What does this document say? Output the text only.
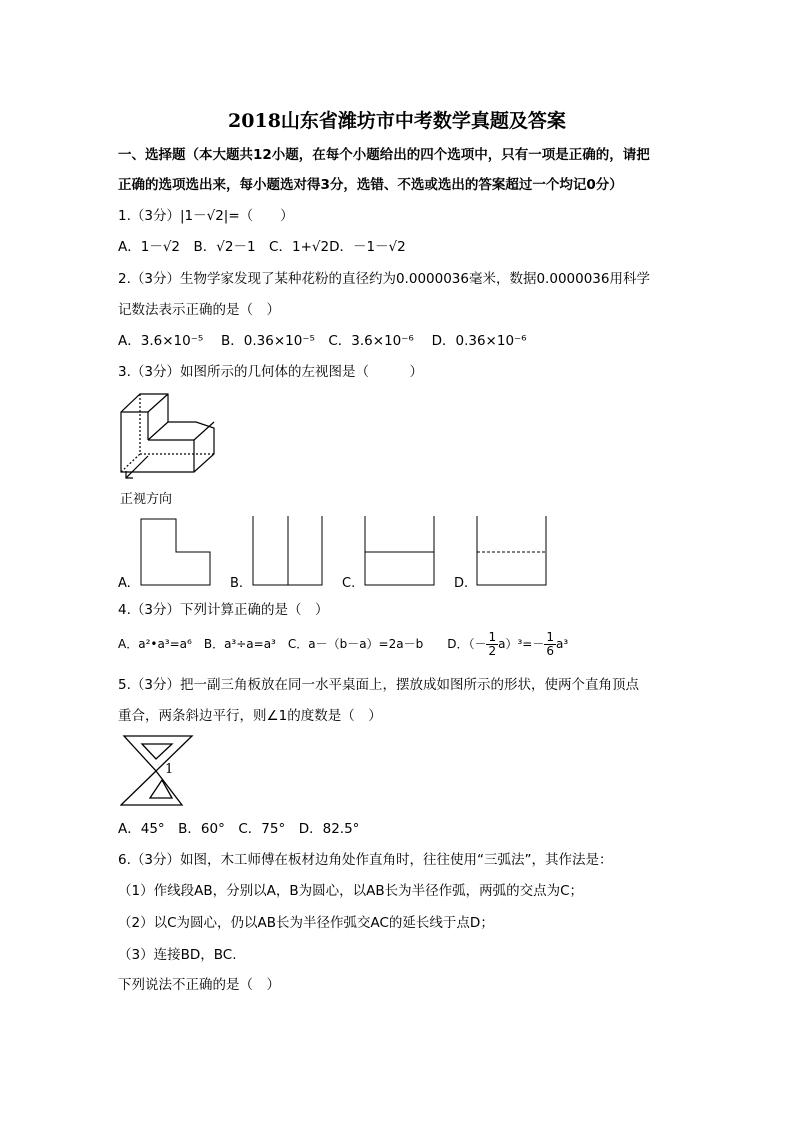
2018山东省潍坊市中考数学真题及答案
一、选择题（本大题共12小题，在每个小题给出的四个选项中，只有一项是正确的，请把
正确的选项选出来，每小题选对得3分，选错、不选或选出的答案超过一个均记0分）
1.（3分）|1－√2|=（　　）
A．1－√2　B．√2－1　C．1+√2D．－1－√2
2.（3分）生物学家发现了某种花粉的直径约为0.0000036毫米，数据0.0000036用科学
记数法表示正确的是（　）
A．3.6×10⁻⁵　 B．0.36×10⁻⁵　C．3.6×10⁻⁶　 D．0.36×10⁻⁶
3.（3分）如图所示的几何体的左视图是（　　　）
正视方向
A.	B.	C.	D.
4.（3分）下列计算正确的是（　）
A．a²•a³=a⁶　B．a³÷a=a³　C．a－（b－a）=2a－b　　D．（－ $\frac{1}{2} a)^3=- \frac{1}{6} a^3$
5.（3分）把一副三角板放在同一水平桌面上，摆放成如图所示的形状，使两个直角顶点
重合，两条斜边平行，则∠1的度数是（　）
1
A．45°　B．60°　C．75°　D．82.5°
6.（3分）如图，木工师傅在板材边角处作直角时，往往使用“三弧法”，其作法是：
（1）作线段AB，分别以A，B为圆心，以AB长为半径作弧，两弧的交点为C；
（2）以C为圆心，仍以AB长为半径作弧交AC的延长线于点D；
（3）连接BD，BC.
下列说法不正确的是（　）
